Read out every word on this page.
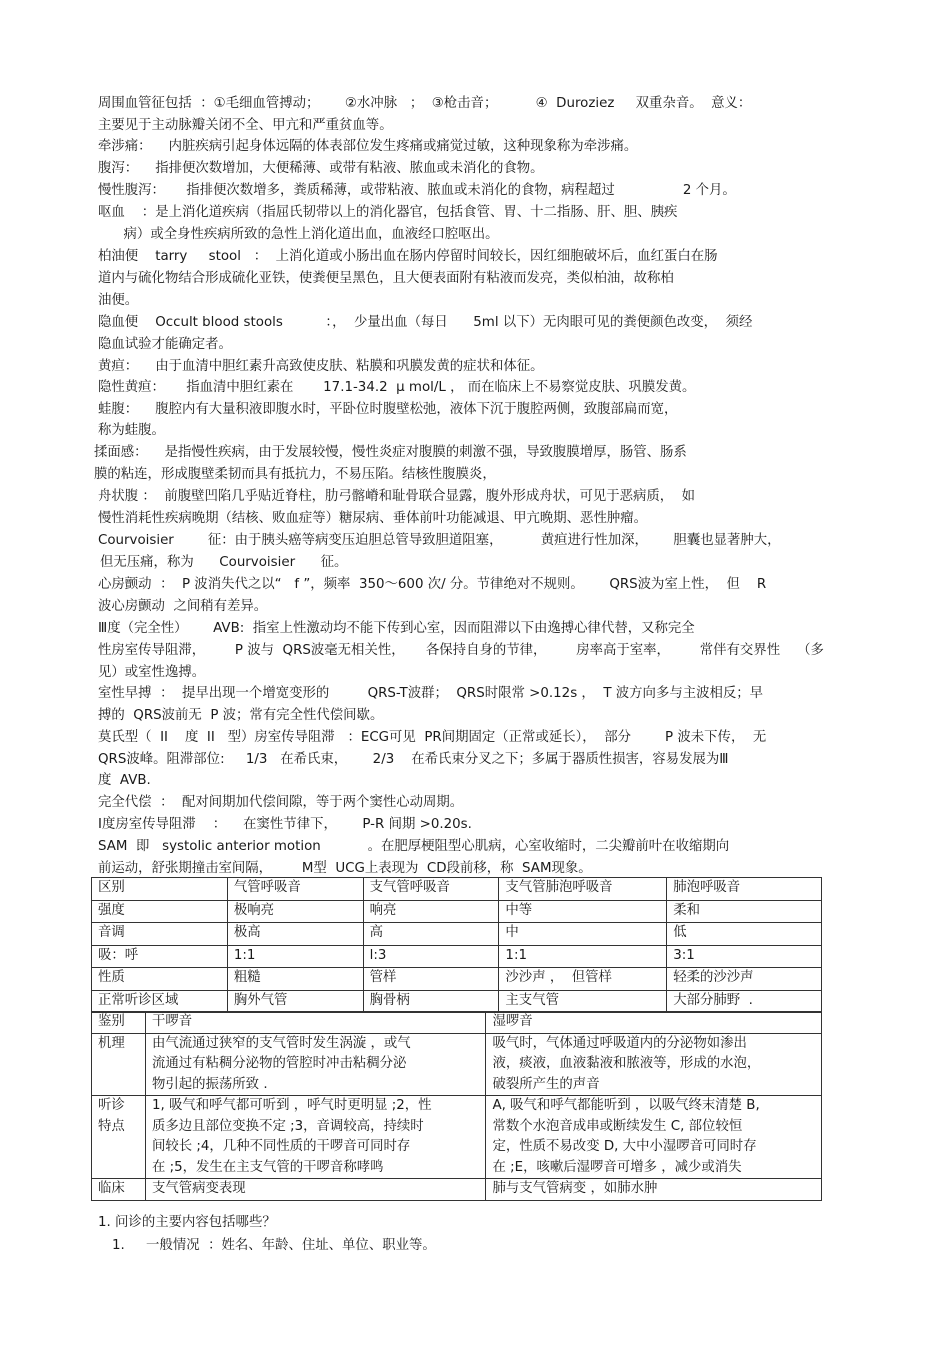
周围血管征包括  ：①毛细血管搏动；      ②水冲脉   ；  ③枪击音；         ④  Duroziez     双重杂音。  意义：
主要见于主动脉瓣关闭不全、甲亢和严重贫血等。
牵涉痛：    内脏疾病引起身体远隔的体表部位发生疼痛或痛觉过敏，这种现象称为牵涉痛。
腹泻：    指排便次数增加，大便稀薄、或带有粘液、脓血或未消化的食物。
慢性腹泻：     指排便次数增多，粪质稀薄，或带粘液、脓血或未消化的食物，病程超过                2 个月。
呕血    ：是上消化道疾病（指屈氏韧带以上的消化器官，包括食管、胃、十二指肠、肝、胆、胰疾
病）或全身性疾病所致的急性上消化道出血，血液经口腔呕出。
柏油便    tarry     stool   ：  上消化道或小肠出血在肠内停留时间较长，因红细胞破坏后，血红蛋白在肠
道内与硫化物结合形成硫化亚铁，使粪便呈黑色，且大便表面附有粘液而发亮，类似柏油，故称柏
油便。
隐血便    Occult blood stools          ：，  少量出血（每日      5ml 以下）无肉眼可见的粪便颜色改变，  须经
隐血试验才能确定者。
黄疸：    由于血清中胆红素升高致使皮肤、粘膜和巩膜发黄的症状和体征。
隐性黄疸：     指血清中胆红素在       17.1-34.2  μ mol/L ， 而在临床上不易察觉皮肤、巩膜发黄。
蛙腹：    腹腔内有大量积液即腹水时，平卧位时腹壁松弛，液体下沉于腹腔两侧，致腹部扁而宽，
称为蛙腹。
揉面感：    是指慢性疾病，由于发展较慢，慢性炎症对腹膜的刺激不强，导致腹膜增厚，肠管、肠系
膜的粘连，形成腹壁柔韧而具有抵抗力，不易压陷。结核性腹膜炎，
舟状腹 ：  前腹壁凹陷几乎贴近脊柱，肋弓髂嵴和耻骨联合显露，腹外形成舟状，可见于恶病质，  如
慢性消耗性疾病晚期（结核、败血症等）糖尿病、垂体前叶功能减退、甲亢晚期、恶性肿瘤。
Courvoisier        征：由于胰头癌等病变压迫胆总管导致胆道阻塞，         黄疸进行性加深，      胆囊也显著肿大，
但无压痛，称为      Courvoisier      征。
心房颤动  ：  P 波消失代之以“   f ”，频率  350～600 次/ 分。节律绝对不规则。      QRS波为室上性，  但    R
波心房颤动  之间稍有差异。
Ⅲ度（完全性）      AVB:  指室上性激动均不能下传到心室，因而阻滞以下由逸搏心律代替，又称完全
性房室传导阻滞，       P 波与  QRS波毫无相关性，     各保持自身的节律，       房率高于室率，       常伴有交界性    （多
见）或室性逸搏。
室性早搏  ：  提早出现一个增宽变形的         QRS-T波群；  QRS时限常 >0.12s ，  T 波方向多与主波相反；早
搏的  QRS波前无  P 波；常有完全性代偿间歇。
莫氏型（  II    度  II   型）房室传导阻滞   ：ECG可见  PR间期固定（正常或延长），  部分        P 波未下传，  无
QRS波峰。阻滞部位:     1/3   在希氏束，      2/3    在希氏束分叉之下；多属于器质性损害，容易发展为Ⅲ
度  AVB.
完全代偿  ：  配对间期加代偿间隙，等于两个窦性心动周期。
Ⅰ度房室传导阻滞    ：    在窦性节律下，      P-R 间期 >0.20s.
SAM  即   systolic anterior motion           。在肥厚梗阻型心肌病，心室收缩时，二尖瓣前叶在收缩期向
前运动，舒张期撞击室间隔，       M型  UCG上表现为  CD段前移，称  SAM现象。
区别	气管呼吸音	支气管呼吸音	支气管肺泡呼吸音	肺泡呼吸音
强度	极响亮	响亮	中等	柔和
音调	极高	高	中	低
吸：呼	1:1	l:3	1:1	3:1
性质	粗糙	管样	沙沙声 ，  但管样	轻柔的沙沙声
正常听诊区域	胸外气管	胸骨柄	主支气管	大部分肺野  .
鉴别	干啰音	湿啰音
机理	由气流通过狭窄的支气管时发生涡漩 ，或气
流通过有粘稠分泌物的管腔时冲击粘稠分泌
物引起的振荡所致 .	吸气时，气体通过呼吸道内的分泌物如渗出
液，痰液，血液黏液和脓液等，形成的水泡，
破裂所产生的声音
听诊
特点	1, 吸气和呼气都可听到 ，呼气时更明显 ;2，性
质多边且部位变换不定 ;3，音调较高，持续时
间较长 ;4，几种不同性质的干啰音可同时存
在 ;5，发生在主支气管的干啰音称哮鸣	A, 吸气和呼气都能听到 ，以吸气终末清楚 B,
常数个水泡音成串或断续发生 C, 部位较恒
定，性质不易改变 D, 大中小湿啰音可同时存
在 ;E，咳嗽后湿啰音可增多 ，减少或消失
临床	支气管病变表现	肺与支气管病变 ，如肺水肿
1. 问诊的主要内容包括哪些？
1.     一般情况  ：姓名、年龄、住址、单位、职业等。
